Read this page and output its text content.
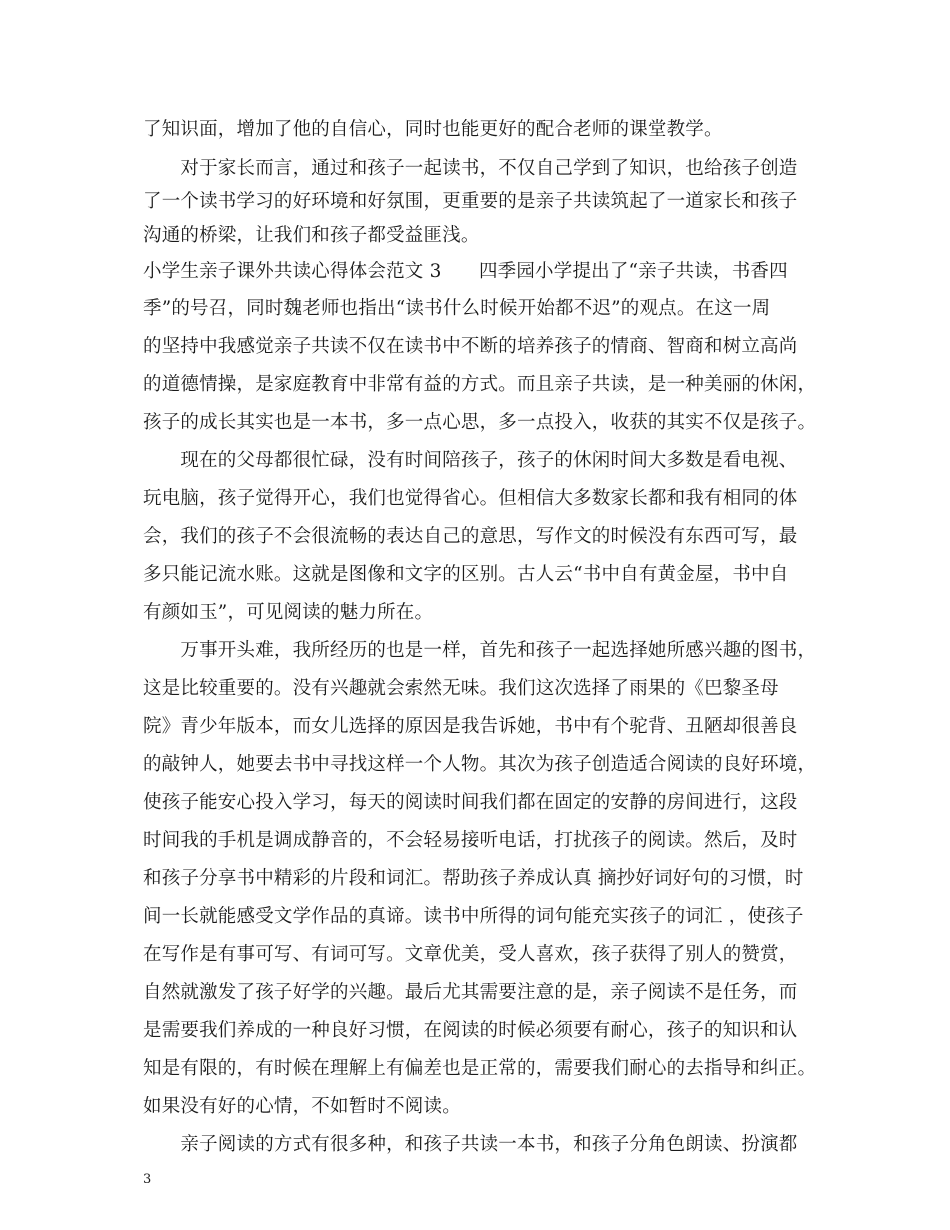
了知识面，增加了他的自信心，同时也能更好的配合老师的课堂教学。
　　对于家长而言，通过和孩子一起读书，不仅自己学到了知识，也给孩子创造
了一个读书学习的好环境和好氛围，更重要的是亲子共读筑起了一道家长和孩子
沟通的桥梁，让我们和孩子都受益匪浅。
小学生亲子课外共读心得体会范文 3　　四季园小学提出了“亲子共读，书香四
季”的号召，同时魏老师也指出“读书什么时候开始都不迟”的观点。在这一周
的坚持中我感觉亲子共读不仅在读书中不断的培养孩子的情商、智商和树立高尚
的道德情操，是家庭教育中非常有益的方式。而且亲子共读，是一种美丽的休闲，
孩子的成长其实也是一本书，多一点心思，多一点投入，收获的其实不仅是孩子。
　　现在的父母都很忙碌，没有时间陪孩子，孩子的休闲时间大多数是看电视、
玩电脑，孩子觉得开心，我们也觉得省心。但相信大多数家长都和我有相同的体
会，我们的孩子不会很流畅的表达自己的意思，写作文的时候没有东西可写，最
多只能记流水账。这就是图像和文字的区别。古人云“书中自有黄金屋，书中自
有颜如玉”，可见阅读的魅力所在。
　　万事开头难，我所经历的也是一样，首先和孩子一起选择她所感兴趣的图书，
这是比较重要的。没有兴趣就会索然无味。我们这次选择了雨果的《巴黎圣母
院》青少年版本，而女儿选择的原因是我告诉她，书中有个驼背、丑陋却很善良
的敲钟人，她要去书中寻找这样一个人物。其次为孩子创造适合阅读的良好环境，
使孩子能安心投入学习，每天的阅读时间我们都在固定的安静的房间进行，这段
时间我的手机是调成静音的，不会轻易接听电话，打扰孩子的阅读。然后，及时
和孩子分享书中精彩的片段和词汇。帮助孩子养成认真 摘抄好词好句的习惯，时
间一长就能感受文学作品的真谛。读书中所得的词句能充实孩子的词汇 ，使孩子
在写作是有事可写、有词可写。文章优美，受人喜欢，孩子获得了别人的赞赏，
自然就激发了孩子好学的兴趣。最后尤其需要注意的是，亲子阅读不是任务，而
是需要我们养成的一种良好习惯，在阅读的时候必须要有耐心，孩子的知识和认
知是有限的，有时候在理解上有偏差也是正常的，需要我们耐心的去指导和纠正。
如果没有好的心情，不如暂时不阅读。
　　亲子阅读的方式有很多种，和孩子共读一本书，和孩子分角色朗读、扮演都
3
